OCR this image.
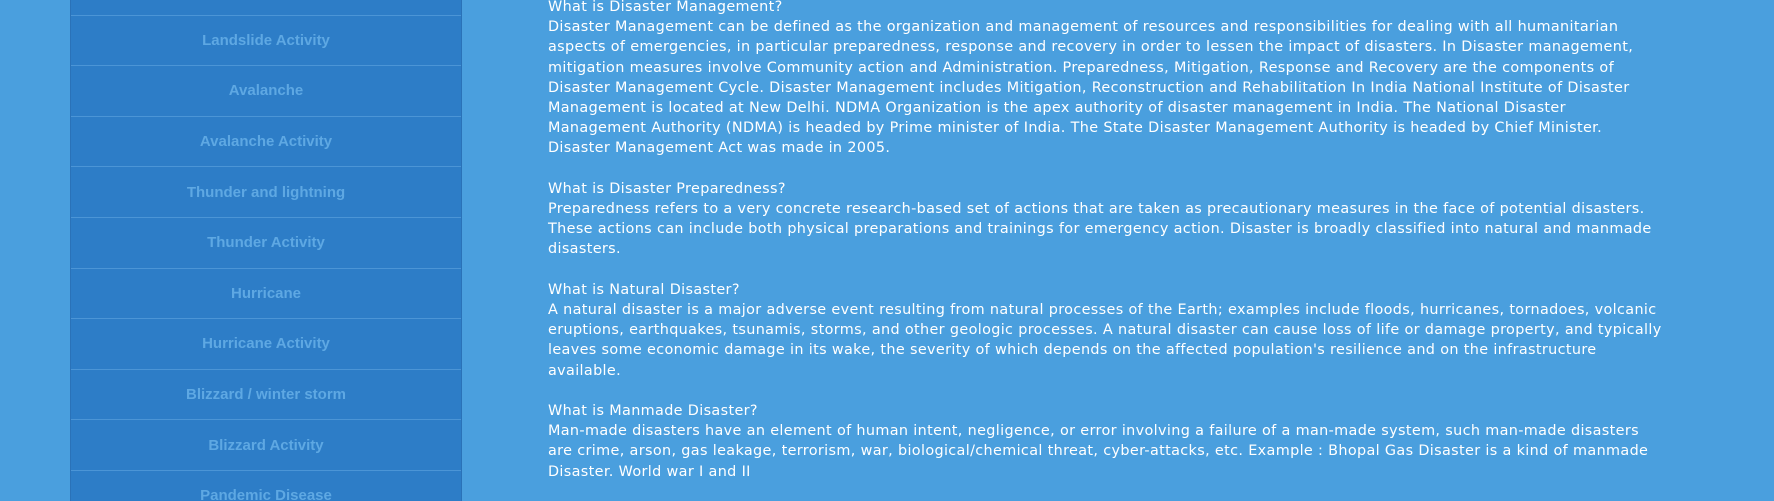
Landslide Activity
Avalanche
Avalanche Activity
Thunder and lightning
Thunder Activity
Hurricane
Hurricane Activity
Blizzard / winter storm
Blizzard Activity
Pandemic Disease
What is Disaster Management?

Disaster Management can be defined as the organization and management of resources and responsibilities for dealing with all humanitarian aspects of emergencies, in particular preparedness, response and recovery in order to lessen the impact of disasters. In Disaster management, mitigation measures involve Community action and Administration. Preparedness, Mitigation, Response and Recovery are the components of Disaster Management Cycle. Disaster Management includes Mitigation, Reconstruction and Rehabilitation In India National Institute of Disaster Management is located at New Delhi. NDMA Organization is the apex authority of disaster management in India. The National Disaster Management Authority (NDMA) is headed by Prime minister of India. The State Disaster Management Authority is headed by Chief Minister. Disaster Management Act was made in 2005.

What is Disaster Preparedness?

Preparedness refers to a very concrete research-based set of actions that are taken as precautionary measures in the face of potential disasters. These actions can include both physical preparations and trainings for emergency action. Disaster is broadly classified into natural and manmade disasters.

What is Natural Disaster?

A natural disaster is a major adverse event resulting from natural processes of the Earth; examples include floods, hurricanes, tornadoes, volcanic eruptions, earthquakes, tsunamis, storms, and other geologic processes. A natural disaster can cause loss of life or damage property, and typically leaves some economic damage in its wake, the severity of which depends on the affected population's resilience and on the infrastructure available.

What is Manmade Disaster?

Man-made disasters have an element of human intent, negligence, or error involving a failure of a man-made system, such man-made disasters are crime, arson, gas leakage, terrorism, war, biological/chemical threat, cyber-attacks, etc. Example : Bhopal Gas Disaster is a kind of manmade Disaster. World war I and II
